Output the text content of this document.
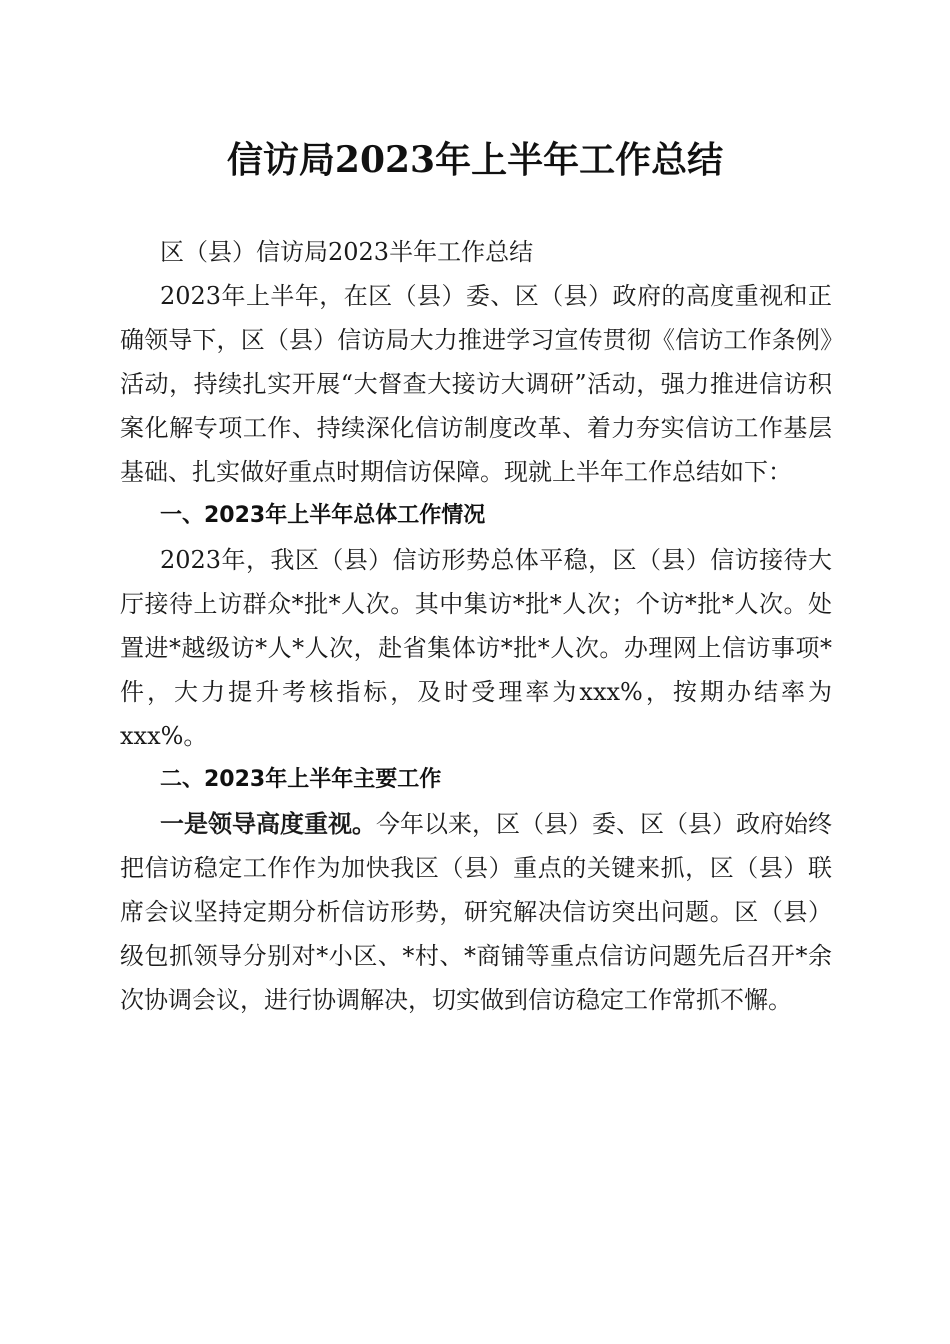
信访局2023年上半年工作总结

区（县）信访局2023半年工作总结

2023年上半年，在区（县）委、区（县）政府的高度重视和正确领导下，区（县）信访局大力推进学习宣传贯彻《信访工作条例》活动，持续扎实开展“大督查大接访大调研”活动，强力推进信访积案化解专项工作、持续深化信访制度改革、着力夯实信访工作基层基础、扎实做好重点时期信访保障。现就上半年工作总结如下：

一、2023年上半年总体工作情况

2023年，我区（县）信访形势总体平稳，区（县）信访接待大厅接待上访群众*批*人次。其中集访*批*人次；个访*批*人次。处置进*越级访*人*人次，赴省集体访*批*人次。办理网上信访事项*件，大力提升考核指标，及时受理率为xxx%，按期办结率为xxx%。

二、2023年上半年主要工作

一是领导高度重视。今年以来，区（县）委、区（县）政府始终把信访稳定工作作为加快我区（县）重点的关键来抓，区（县）联席会议坚持定期分析信访形势，研究解决信访突出问题。区（县）级包抓领导分别对*小区、*村、*商铺等重点信访问题先后召开*余次协调会议，进行协调解决，切实做到信访稳定工作常抓不懈。
